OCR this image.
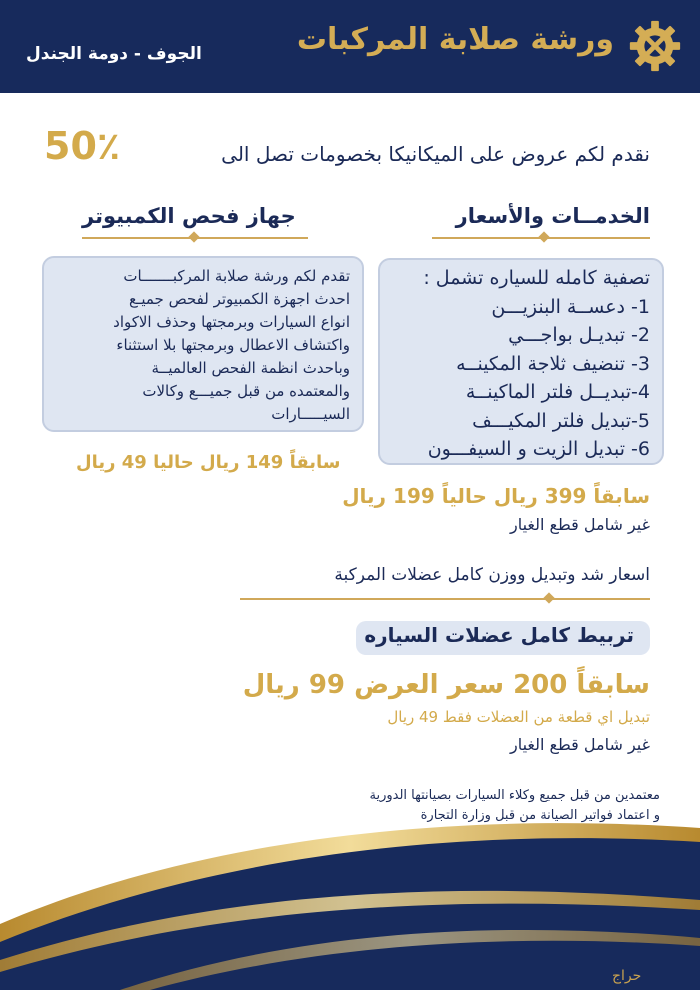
ورشة صلابة المركبات
الجوف - دومة الجندل
نقدم لكم عروض على الميكانيكا بخصومات تصل الى
50٪
الخدمــات والأسعار
جهاز فحص الكمبيوتر
تصفية كامله للسياره تشمل :
1- دعســة البنزيـــن
2- تبديـل بواجـــي
3- تنضيف ثلاجة المكينــه
4-تبديــل فلتر الماكينــة
5-تبديل فلتر المكيـــف
6- تبديل الزيت و السيفـــون
تقدم لكم ورشة صلابة المركبـــــــات
احدث اجهزة الكمبيوتر لفحص جميـع
انواع السيارات وبرمجتها وحذف الاكواد
واكتشاف الاعطال وبرمجتها بلا استثناء
وباحدث انظمة الفحص العالميــة
والمعتمده من قبل جميـــع وكالات
السيـــــارات
سابقاً 149 ريال حاليا 49 ريال
سابقاً 399 ريال حالياً 199 ريال
غير شامل قطع الغيار
اسعار شد وتبديل ووزن كامل عضلات المركبة
تربيط كامل عضلات السياره
سابقاً 200 سعر العرض 99 ريال
تبديل اي قطعة من العضلات فقط 49 ريال
غير شامل قطع الغيار
معتمدين من قبل جميع وكلاء السيارات بصيانتها الدورية
و اعتماد فواتير الصيانة من قبل وزارة التجارة
حراج
